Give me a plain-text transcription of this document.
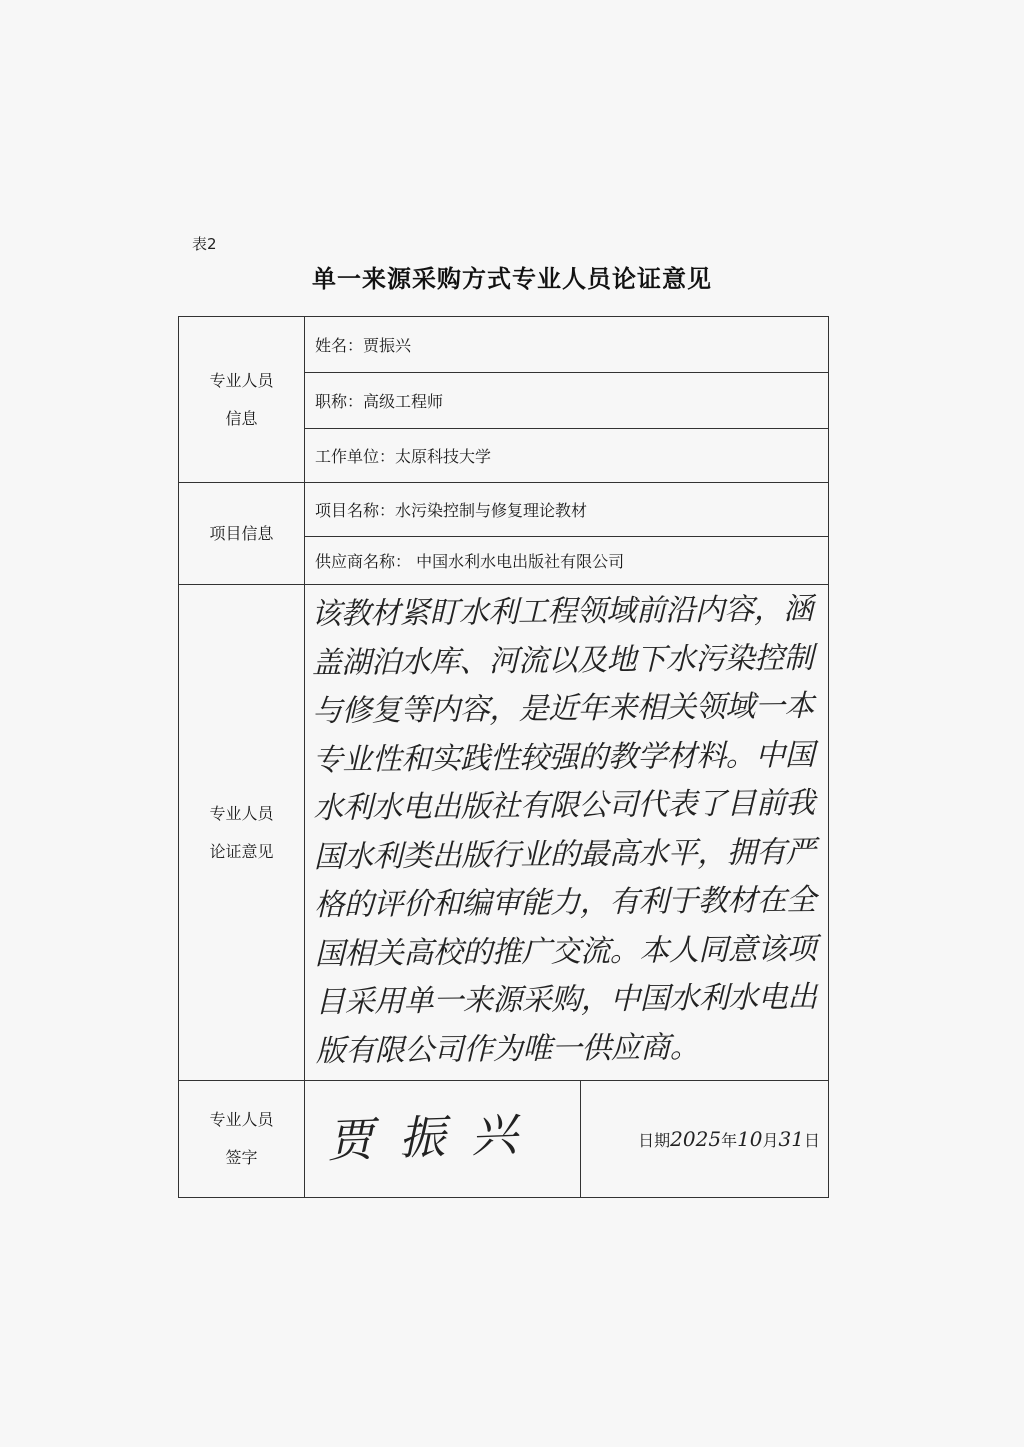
表2
单一来源采购方式专业人员论证意见
专业人员
信息	姓名：贾振兴	
	职称：高级工程师	
	工作单位：太原科技大学	
项目信息	项目名称：水污染控制与修复理论教材	
	供应商名称： 中国水利水电出版社有限公司	
专业人员
论证意见	该教材紧盯水利工程领域前沿内容，涵盖湖泊水库、河流以及地下水污染控制与修复等内容，是近年来相关领域一本专业性和实践性较强的教学材料。中国水利水电出版社有限公司代表了目前我国水利类出版行业的最高水平，拥有严格的评价和编审能力，有利于教材在全国相关高校的推广交流。本人同意该项目采用单一来源采购，中国水利水电出版有限公司作为唯一供应商。	

专业人员
签字	贾振兴	日期2025年10月31日
